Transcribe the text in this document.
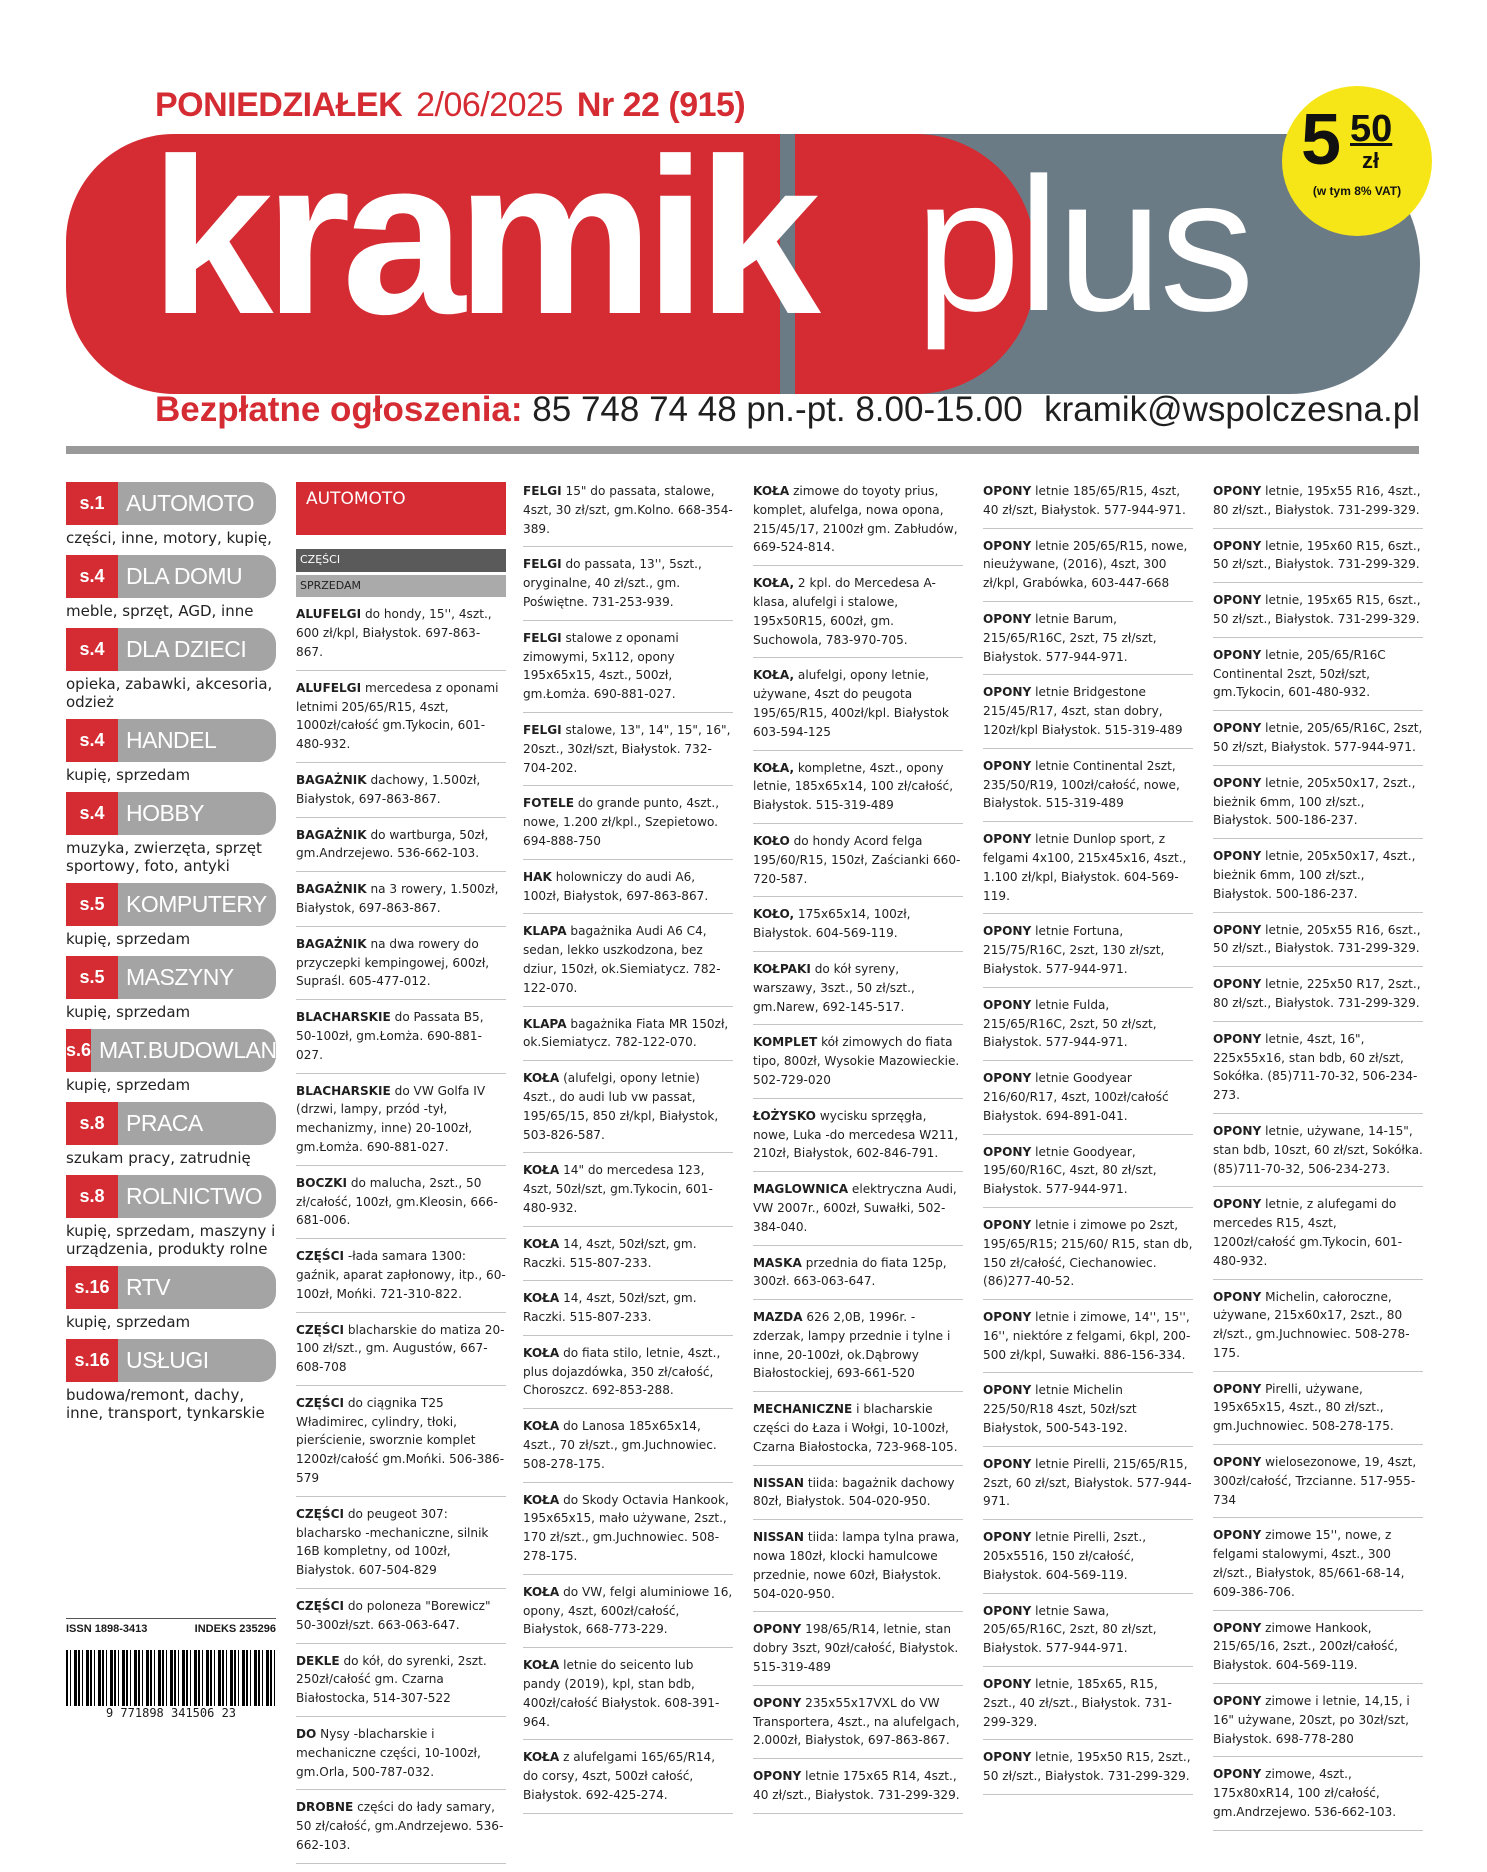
PONIEDZIAŁEK 2/06/2025 Nr 22 (915)
kramik plus 5 50
zł
(w tym 8% VAT)
Bezpłatne ogłoszenia: 85 748 74 48 pn.-pt. 8.00-15.00 kramik@wspolczesna.pl
s.1 AUTOMOTO
części, inne, motory, kupię,
s.4 DLA DOMU
meble, sprzęt, AGD, inne
s.4 DLA DZIECI
opieka, zabawki, akcesoria, odzież
s.4 HANDEL
kupię, sprzedam
s.4 HOBBY
muzyka, zwierzęta, sprzęt sportowy, foto, antyki
s.5 KOMPUTERY
kupię, sprzedam
s.5 MASZYNY
kupię, sprzedam
s.6 MAT.BUDOWLANE
kupię, sprzedam
s.8 PRACA
szukam pracy, zatrudnię
s.8 ROLNICTWO
kupię, sprzedam, maszyny i urządzenia, produkty rolne
s.16 RTV
kupię, sprzedam
s.16 USŁUGI
budowa/remont, dachy, inne, transport, tynkarskie
ISSN 1898-3413	INDEKS 235296
9 771898 341506 23
AUTOMOTO
CZĘŚCI
SPRZEDAM
ALUFELGI do hondy, 15'', 4szt., 600 zł/kpl, Białystok. 697-863-867.
ALUFELGI mercedesa z oponami letnimi 205/65/R15, 4szt, 1000zł/całość gm.Tykocin, 601-480-932.
BAGAŻNIK dachowy, 1.500zł, Białystok, 697-863-867.
BAGAŻNIK do wartburga, 50zł, gm.Andrzejewo. 536-662-103.
BAGAŻNIK na 3 rowery, 1.500zł, Białystok, 697-863-867.
BAGAŻNIK na dwa rowery do przyczepki kempingowej, 600zł, Supraśl. 605-477-012.
BLACHARSKIE do Passata B5, 50-100zł, gm.Łomża. 690-881-027.
BLACHARSKIE do VW Golfa IV (drzwi, lampy, przód -tył, mechanizmy, inne) 20-100zł, gm.Łomża. 690-881-027.
BOCZKI do malucha, 2szt., 50 zł/całość, 100zł, gm.Kleosin, 666-681-006.
CZĘŚCI -łada samara 1300: gaźnik, aparat zapłonowy, itp., 60-100zł, Mońki. 721-310-822.
CZĘŚCI blacharskie do matiza 20- 100 zł/szt., gm. Augustów, 667-608-708
CZĘŚCI do ciągnika T25 Władimirec, cylindry, tłoki, pierścienie, sworznie komplet 1200zł/całość gm.Mońki. 506-386-579
CZĘŚCI do peugeot 307: blacharsko -mechaniczne, silnik 16B kompletny, od 100zł, Białystok. 607-504-829
CZĘŚCI do poloneza "Borewicz" 50-300zł/szt. 663-063-647.
DEKLE do kół, do syrenki, 2szt. 250zł/całość gm. Czarna Białostocka, 514-307-522
DO Nysy -blacharskie i mechaniczne części, 10-100zł, gm.Orla, 500-787-032.
DROBNE części do łady samary, 50 zł/całość, gm.Andrzejewo. 536-662-103.
FELGI 15" do passata, stalowe, 4szt, 30 zł/szt, gm.Kolno. 668-354-389.
FELGI do passata, 13'', 5szt., oryginalne, 40 zł/szt., gm. Poświętne. 731-253-939.
FELGI stalowe z oponami zimowymi, 5x112, opony 195x65x15, 4szt., 500zł, gm.Łomża. 690-881-027.
FELGI stalowe, 13", 14", 15", 16", 20szt., 30zł/szt, Białystok. 732-704-202.
FOTELE do grande punto, 4szt., nowe, 1.200 zł/kpl., Szepietowo. 694-888-750
HAK holowniczy do audi A6, 100zł, Białystok, 697-863-867.
KLAPA bagażnika Audi A6 C4, sedan, lekko uszkodzona, bez dziur, 150zł, ok.Siemiatycz. 782-122-070.
KLAPA bagażnika Fiata MR 150zł, ok.Siemiatycz. 782-122-070.
KOŁA (alufelgi, opony letnie) 4szt., do audi lub vw passat, 195/65/15, 850 zł/kpl, Białystok, 503-826-587.
KOŁA 14" do mercedesa 123, 4szt, 50zł/szt, gm.Tykocin, 601-480-932.
KOŁA 14, 4szt, 50zł/szt, gm. Raczki. 515-807-233.
KOŁA 14, 4szt, 50zł/szt, gm. Raczki. 515-807-233.
KOŁA do fiata stilo, letnie, 4szt., plus dojazdówka, 350 zł/całość, Choroszcz. 692-853-288.
KOŁA do Lanosa 185x65x14, 4szt., 70 zł/szt., gm.Juchnowiec. 508-278-175.
KOŁA do Skody Octavia Hankook, 195x65x15, mało używane, 2szt., 170 zł/szt., gm.Juchnowiec. 508-278-175.
KOŁA do VW, felgi aluminiowe 16, opony, 4szt, 600zł/całość, Białystok, 668-773-229.
KOŁA letnie do seicento lub pandy (2019), kpl, stan bdb, 400zł/całość Białystok. 608-391-964.
KOŁA z alufelgami 165/65/R14, do corsy, 4szt, 500zł całość, Białystok. 692-425-274.
KOŁA zimowe do toyoty prius, komplet, alufelga, nowa opona, 215/45/17, 2100zł gm. Zabłudów, 669-524-814.
KOŁA, 2 kpl. do Mercedesa A-klasa, alufelgi i stalowe, 195x50R15, 600zł, gm. Suchowola, 783-970-705.
KOŁA, alufelgi, opony letnie, używane, 4szt do peugota 195/65/R15, 400zł/kpl. Białystok 603-594-125
KOŁA, kompletne, 4szt., opony letnie, 185x65x14, 100 zł/całość, Białystok. 515-319-489
KOŁO do hondy Acord felga 195/60/R15, 150zł, Zaścianki 660-720-587.
KOŁO, 175x65x14, 100zł, Białystok. 604-569-119.
KOŁPAKI do kół syreny, warszawy, 3szt., 50 zł/szt., gm.Narew, 692-145-517.
KOMPLET kół zimowych do fiata tipo, 800zł, Wysokie Mazowieckie. 502-729-020
ŁOŻYSKO wycisku sprzęgła, nowe, Luka -do mercedesa W211, 210zł, Białystok, 602-846-791.
MAGLOWNICA elektryczna Audi, VW 2007r., 600zł, Suwałki, 502-384-040.
MASKA przednia do fiata 125p, 300zł. 663-063-647.
MAZDA 626 2,0B, 1996r. -zderzak, lampy przednie i tylne i inne, 20-100zł, ok.Dąbrowy Białostockiej, 693-661-520
MECHANICZNE i blacharskie części do Łaza i Wołgi, 10-100zł, Czarna Białostocka, 723-968-105.
NISSAN tiida: bagażnik dachowy 80zł, Białystok. 504-020-950.
NISSAN tiida: lampa tylna prawa, nowa 180zł, klocki hamulcowe przednie, nowe 60zł, Białystok. 504-020-950.
OPONY 198/65/R14, letnie, stan dobry 3szt, 90zł/całość, Białystok. 515-319-489
OPONY 235x55x17VXL do VW Transportera, 4szt., na alufelgach, 2.000zł, Białystok, 697-863-867.
OPONY letnie 175x65 R14, 4szt., 40 zł/szt., Białystok. 731-299-329.
OPONY letnie 185/65/R15, 4szt, 40 zł/szt, Białystok. 577-944-971.
OPONY letnie 205/65/R15, nowe, nieużywane, (2016), 4szt, 300 zł/kpl, Grabówka, 603-447-668
OPONY letnie Barum, 215/65/R16C, 2szt, 75 zł/szt, Białystok. 577-944-971.
OPONY letnie Bridgestone 215/45/R17, 4szt, stan dobry, 120zł/kpl Białystok. 515-319-489
OPONY letnie Continental 2szt, 235/50/R19, 100zł/całość, nowe, Białystok. 515-319-489
OPONY letnie Dunlop sport, z felgami 4x100, 215x45x16, 4szt., 1.100 zł/kpl, Białystok. 604-569-119.
OPONY letnie Fortuna, 215/75/R16C, 2szt, 130 zł/szt, Białystok. 577-944-971.
OPONY letnie Fulda, 215/65/R16C, 2szt, 50 zł/szt, Białystok. 577-944-971.
OPONY letnie Goodyear 216/60/R17, 4szt, 100zł/całość Białystok. 694-891-041.
OPONY letnie Goodyear, 195/60/R16C, 4szt, 80 zł/szt, Białystok. 577-944-971.
OPONY letnie i zimowe po 2szt, 195/65/R15; 215/60/ R15, stan db, 150 zł/całość, Ciechanowiec. (86)277-40-52.
OPONY letnie i zimowe, 14'', 15'', 16'', niektóre z felgami, 6kpl, 200-500 zł/kpl, Suwałki. 886-156-334.
OPONY letnie Michelin 225/50/R18 4szt, 50zł/szt Białystok, 500-543-192.
OPONY letnie Pirelli, 215/65/R15, 2szt, 60 zł/szt, Białystok. 577-944-971.
OPONY letnie Pirelli, 2szt., 205x5516, 150 zł/całość, Białystok. 604-569-119.
OPONY letnie Sawa, 205/65/R16C, 2szt, 80 zł/szt, Białystok. 577-944-971.
OPONY letnie, 185x65, R15, 2szt., 40 zł/szt., Białystok. 731-299-329.
OPONY letnie, 195x50 R15, 2szt., 50 zł/szt., Białystok. 731-299-329.
OPONY letnie, 195x55 R16, 4szt., 80 zł/szt., Białystok. 731-299-329.
OPONY letnie, 195x60 R15, 6szt., 50 zł/szt., Białystok. 731-299-329.
OPONY letnie, 195x65 R15, 6szt., 50 zł/szt., Białystok. 731-299-329.
OPONY letnie, 205/65/R16C Continental 2szt, 50zł/szt, gm.Tykocin, 601-480-932.
OPONY letnie, 205/65/R16C, 2szt, 50 zł/szt, Białystok. 577-944-971.
OPONY letnie, 205x50x17, 2szt., bieżnik 6mm, 100 zł/szt., Białystok. 500-186-237.
OPONY letnie, 205x50x17, 4szt., bieżnik 6mm, 100 zł/szt., Białystok. 500-186-237.
OPONY letnie, 205x55 R16, 6szt., 50 zł/szt., Białystok. 731-299-329.
OPONY letnie, 225x50 R17, 2szt., 80 zł/szt., Białystok. 731-299-329.
OPONY letnie, 4szt, 16", 225x55x16, stan bdb, 60 zł/szt, Sokółka. (85)711-70-32, 506-234-273.
OPONY letnie, używane, 14-15", stan bdb, 10szt, 60 zł/szt, Sokółka. (85)711-70-32, 506-234-273.
OPONY letnie, z alufegami do mercedes R15, 4szt, 1200zł/całość gm.Tykocin, 601-480-932.
OPONY Michelin, całoroczne, używane, 215x60x17, 2szt., 80 zł/szt., gm.Juchnowiec. 508-278-175.
OPONY Pirelli, używane, 195x65x15, 4szt., 80 zł/szt., gm.Juchnowiec. 508-278-175.
OPONY wielosezonowe, 19, 4szt, 300zł/całość, Trzcianne. 517-955-734
OPONY zimowe 15'', nowe, z felgami stalowymi, 4szt., 300 zł/szt., Białystok, 85/661-68-14, 609-386-706.
OPONY zimowe Hankook, 215/65/16, 2szt., 200zł/całość, Białystok. 604-569-119.
OPONY zimowe i letnie, 14,15, i 16" używane, 20szt, po 30zł/szt, Białystok. 698-778-280
OPONY zimowe, 4szt., 175x80xR14, 100 zł/całość, gm.Andrzejewo. 536-662-103.
